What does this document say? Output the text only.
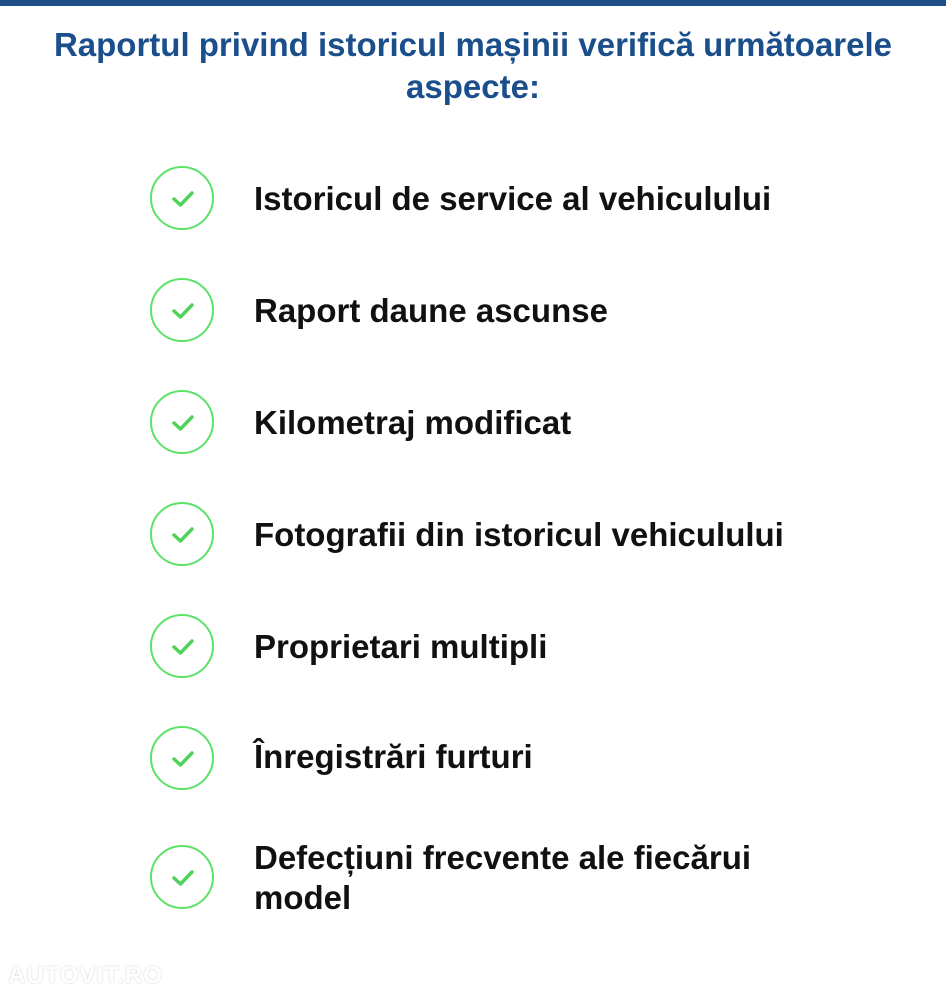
Raportul privind istoricul mașinii verifică următoarele aspecte:
Istoricul de service al vehiculului
Raport daune ascunse
Kilometraj modificat
Fotografii din istoricul vehiculului
Proprietari multipli
Înregistrări furturi
Defecțiuni frecvente ale fiecărui model
AUTOVIT.RO
